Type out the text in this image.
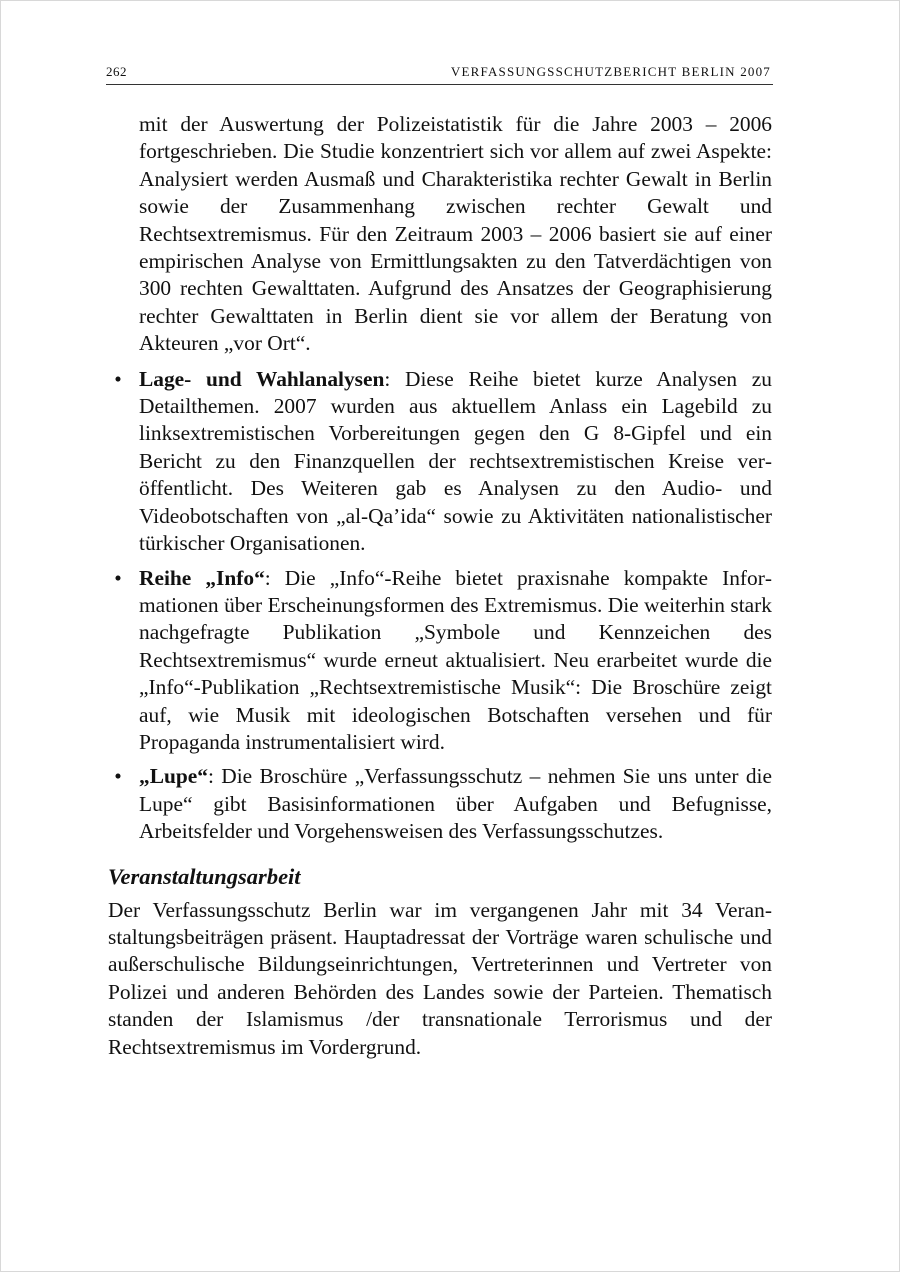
262	VERFASSUNGSSCHUTZBERICHT BERLIN 2007

mit der Auswertung der Polizeistatistik für die Jahre 2003 – 2006 fortgeschrieben. Die Studie konzentriert sich vor allem auf zwei Aspekte: Analysiert werden Ausmaß und Charakteristika rechter Gewalt in Berlin sowie der Zusammenhang zwischen rechter Gewalt und Rechtsextremismus. Für den Zeitraum 2003 – 2006 basiert sie auf einer empirischen Analyse von Ermittlungsakten zu den Tatverdächtigen von 300 rechten Gewalttaten. Aufgrund des Ansatzes der Geographisierung rechter Gewalttaten in Berlin dient sie vor allem der Beratung von Akteuren „vor Ort“.

• Lage- und Wahlanalysen: Diese Reihe bietet kurze Analysen zu Detailthemen. 2007 wurden aus aktuellem Anlass ein Lagebild zu linksextremistischen Vorbereitungen gegen den G 8-Gipfel und ein Bericht zu den Finanzquellen der rechtsextremistischen Kreise veröffentlicht. Des Weiteren gab es Analysen zu den Audio- und Videobotschaften von „al-Qa’ida“ sowie zu Aktivitäten nationalistischer türkischer Organisationen.
• Reihe „Info“: Die „Info“-Reihe bietet praxisnahe kompakte Informationen über Erscheinungsformen des Extremismus. Die weiterhin stark nachgefragte Publikation „Symbole und Kennzeichen des Rechtsextremismus“ wurde erneut aktualisiert. Neu erarbeitet wurde die „Info“-Publikation „Rechtsextremistische Musik“: Die Broschüre zeigt auf, wie Musik mit ideologischen Botschaften versehen und für Propaganda instrumentalisiert wird.
• „Lupe“: Die Broschüre „Verfassungsschutz – nehmen Sie uns unter die Lupe“ gibt Basisinformationen über Aufgaben und Befugnisse, Arbeitsfelder und Vorgehensweisen des Verfassungsschutzes.
Veranstaltungsarbeit

Der Verfassungsschutz Berlin war im vergangenen Jahr mit 34 Veranstaltungsbeiträgen präsent. Hauptadressat der Vorträge waren schulische und außerschulische Bildungseinrichtungen, Vertreterinnen und Vertreter von Polizei und anderen Behörden des Landes sowie der Parteien. Thematisch standen der Islamismus /der transnationale Terrorismus und der Rechtsextremismus im Vordergrund.
